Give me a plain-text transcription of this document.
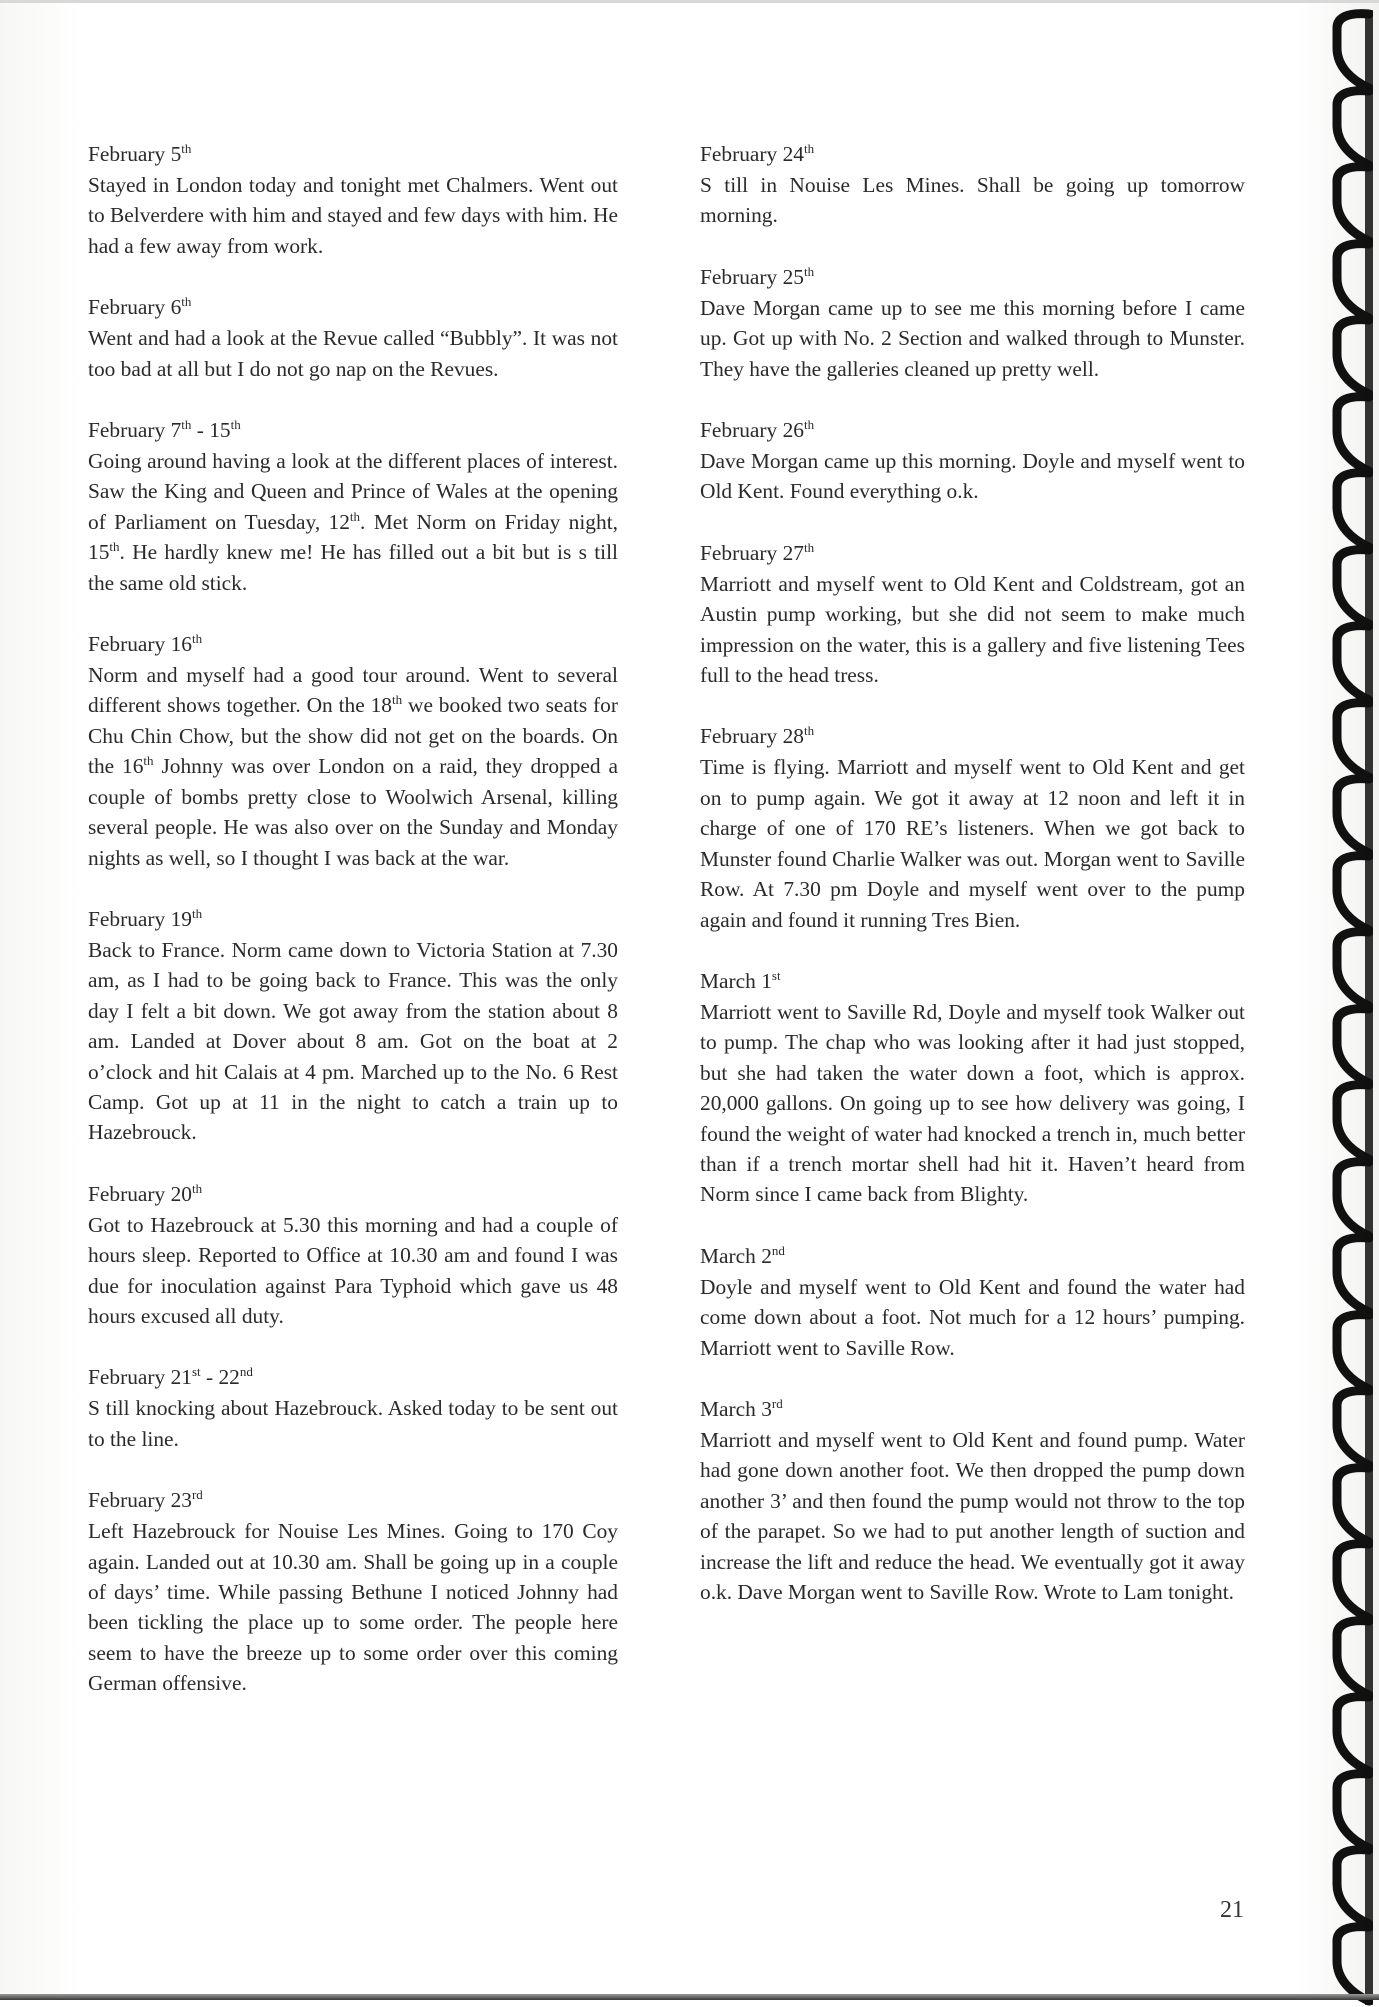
February 5th

Stayed in London today and tonight met Chalmers. Went out to Belverdere with him and stayed and few days with him. He had a few away from work.

February 6th

Went and had a look at the Revue called “Bubbly”. It was not too bad at all but I do not go nap on the Revues.

February 7th - 15th

Going around having a look at the different places of interest. Saw the King and Queen and Prince of Wales at the opening of Parliament on Tuesday, 12th. Met Norm on Friday night, 15th. He hardly knew me! He has filled out a bit but is s till the same old stick.

February 16th

Norm and myself had a good tour around. Went to several different shows together. On the 18th we booked two seats for Chu Chin Chow, but the show did not get on the boards. On the 16th Johnny was over London on a raid, they dropped a couple of bombs pretty close to Woolwich Arsenal, killing several people. He was also over on the Sunday and Monday nights as well, so I thought I was back at the war.

February 19th

Back to France. Norm came down to Victoria Station at 7.30 am, as I had to be going back to France. This was the only day I felt a bit down. We got away from the station about 8 am. Landed at Dover about 8 am. Got on the boat at 2 o’clock and hit Calais at 4 pm. Marched up to the No. 6 Rest Camp. Got up at 11 in the night to catch a train up to Hazebrouck.

February 20th

Got to Hazebrouck at 5.30 this morning and had a couple of hours sleep. Reported to Office at 10.30 am and found I was due for inoculation against Para Typhoid which gave us 48 hours excused all duty.

February 21st - 22nd

S till knocking about Hazebrouck. Asked today to be sent out to the line.

February 23rd

Left Hazebrouck for Nouise Les Mines. Going to 170 Coy again. Landed out at 10.30 am. Shall be going up in a couple of days’ time. While passing Bethune I noticed Johnny had been tickling the place up to some order. The people here seem to have the breeze up to some order over this coming German offensive.

February 24th

S till in Nouise Les Mines. Shall be going up tomorrow morning.

February 25th

Dave Morgan came up to see me this morning before I came up. Got up with No. 2 Section and walked through to Munster. They have the galleries cleaned up pretty well.

February 26th

Dave Morgan came up this morning. Doyle and myself went to Old Kent. Found everything o.k.

February 27th

Marriott and myself went to Old Kent and Coldstream, got an Austin pump working, but she did not seem to make much impression on the water, this is a gallery and five listening Tees full to the head tress.

February 28th

Time is flying. Marriott and myself went to Old Kent and get on to pump again. We got it away at 12 noon and left it in charge of one of 170 RE’s listeners. When we got back to Munster found Charlie Walker was out. Morgan went to Saville Row. At 7.30 pm Doyle and myself went over to the pump again and found it running Tres Bien.

March 1st

Marriott went to Saville Rd, Doyle and myself took Walker out to pump. The chap who was looking after it had just stopped, but she had taken the water down a foot, which is approx. 20,000 gallons. On going up to see how delivery was going, I found the weight of water had knocked a trench in, much better than if a trench mortar shell had hit it. Haven’t heard from Norm since I came back from Blighty.

March 2nd

Doyle and myself went to Old Kent and found the water had come down about a foot. Not much for a 12 hours’ pumping. Marriott went to Saville Row.

March 3rd

Marriott and myself went to Old Kent and found pump. Water had gone down another foot. We then dropped the pump down another 3’ and then found the pump would not throw to the top of the parapet. So we had to put another length of suction and increase the lift and reduce the head. We eventually got it away o.k. Dave Morgan went to Saville Row. Wrote to Lam tonight.

21
